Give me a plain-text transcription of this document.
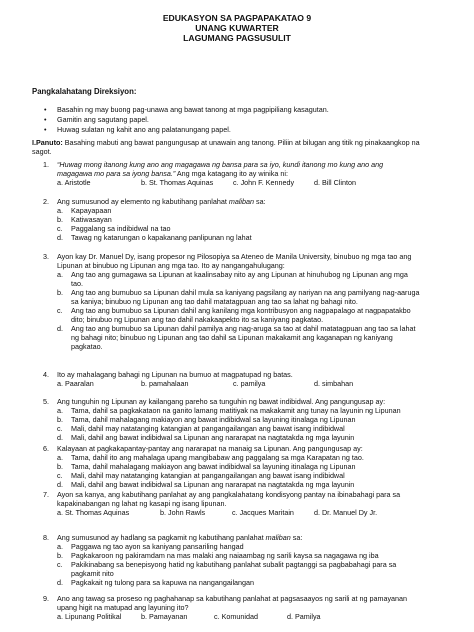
EDUKASYON SA PAGPAPAKATAO 9
UNANG KUWARTER
LAGUMANG PAGSUSULIT
Pangkalahatang Direksiyon:
• Basahin ng may buong pag-unawa ang bawat tanong at mga pagpipiliang kasagutan.
• Gamitin ang sagutang papel.
• Huwag sulatan ng kahit ano ang palatanungang papel.
I.Panuto: Basahing mabuti ang bawat pangungusap at unawain ang tanong. Piliin at bilugan ang titik ng pinakaangkop na
sagot.
1. “Huwag mong itanong kung ano ang magagawa ng bansa para sa iyo, kundi itanong mo kung ano ang
magagawa mo para sa iyong bansa.” Ang mga katagang ito ay winika ni:
a. Aristotle	b. St. Thomas Aquinas	c. John F. Kennedy	d. Bill Clinton
2. Ang sumusunod ay elemento ng kabutihang panlahat maliban sa:
a. Kapayapaan
b. Katiwasayan
c. Paggalang sa indibidwal na tao
d. Tawag ng katarungan o kapakanang panlipunan ng lahat
3. Ayon kay Dr. Manuel Dy, isang propesor ng Pilosopiya sa Ateneo de Manila University, binubuo ng mga tao ang
Lipunan at binubuo ng Lipunan ang mga tao. Ito ay nangangahulugang:
a. Ang tao ang gumagawa sa Lipunan at kaalinsabay nito ay ang Lipunan at hinuhubog ng Lipunan ang mga
tao.
b. Ang tao ang bumubuo sa Lipunan dahil mula sa kaniyang pagsilang ay nariyan na ang pamilyang nag-aaruga
sa kaniya; binubuo ng Lipunan ang tao dahil matatagpuan ang tao sa lahat ng bahagi nito.
c. Ang tao ang bumubuo sa Lipunan dahil ang kanilang mga kontribusyon ang nagpapalago at nagpapatakbo
dito; binubuo ng Lipunan ang tao dahil nakakaapekto ito sa kaniyang pagkatao.
d. Ang tao ang bumubuo sa Lipunan dahil pamilya ang nag-aruga sa tao at dahil matatagpuan ang tao sa lahat
ng bahagi nito; binubuo ng Lipunan ang tao dahil sa Lipunan makakamit ang kaganapan ng kaniyang
pagkatao.
4. Ito ay mahalagang bahagi ng Lipunan na bumuo at magpatupad ng batas.
a. Paaralan	b. pamahalaan	c. pamilya	d. simbahan
5. Ang tunguhin ng Lipunan ay kailangang pareho sa tunguhin ng bawat indibidwal. Ang pangungusap ay:
a. Tama, dahil sa pagkakataon na ganito lamang matitiyak na makakamit ang tunay na layunin ng Lipunan
b. Tama, dahil mahalagang makiayon ang bawat indibidwal sa layuning itinalaga ng Lipunan
c. Mali, dahil may natatanging katangian at pangangailangan ang bawat isang indibidwal
d. Mali, dahil ang bawat indibidwal sa Lipunan ang nararapat na nagtatakda ng mga layunin
6. Kalayaan at pagkakapantay-pantay ang nararapat na manaig sa Lipunan. Ang pangungusap ay:
a. Tama, dahil ito ang mahalaga upang mangibabaw ang paggalang sa mga Karapatan ng tao.
b. Tama, dahil mahalagang makiayon ang bawat indibidwal sa layuning itinalaga ng Lipunan
c. Mali, dahil may natatanging katangian at pangangailangan ang bawat isang indibidwal
d. Mali, dahil ang bawat indibidwal sa Lipunan ang nararapat na nagtatakda ng mga layunin
7. Ayon sa kanya, ang kabutihang panlahat ay ang pangkalahatang kondisyong pantay na ibinabahagi para sa
kapakinabangan ng lahat ng kasapi ng isang lipunan.
a. St. Thomas Aquinas	b. John Rawls	c. Jacques Maritain	d. Dr. Manuel Dy Jr.
8. Ang sumusunod ay hadlang sa pagkamit ng kabutihang panlahat maliban sa:
a. Paggawa ng tao ayon sa kaniyang pansariling hangad
b. Pagkakaroon ng pakiramdam na mas malaki ang naiaambag ng sarili kaysa sa nagagawa ng iba
c. Pakikinabang sa benepisyong hatid ng kabutihang panlahat subalit pagtanggi sa pagbabahagi para sa
pagkamit nito
d. Pagkakait ng tulong para sa kapuwa na nangangailangan
9. Ano ang tawag sa proseso ng paghahanap sa kabutihang panlahat at pagsasaayos ng sarili at ng pamayanan
upang higit na matupad ang layuning ito?
a. Lipunang Politikal	b. Pamayanan	c. Komunidad	d. Pamilya
